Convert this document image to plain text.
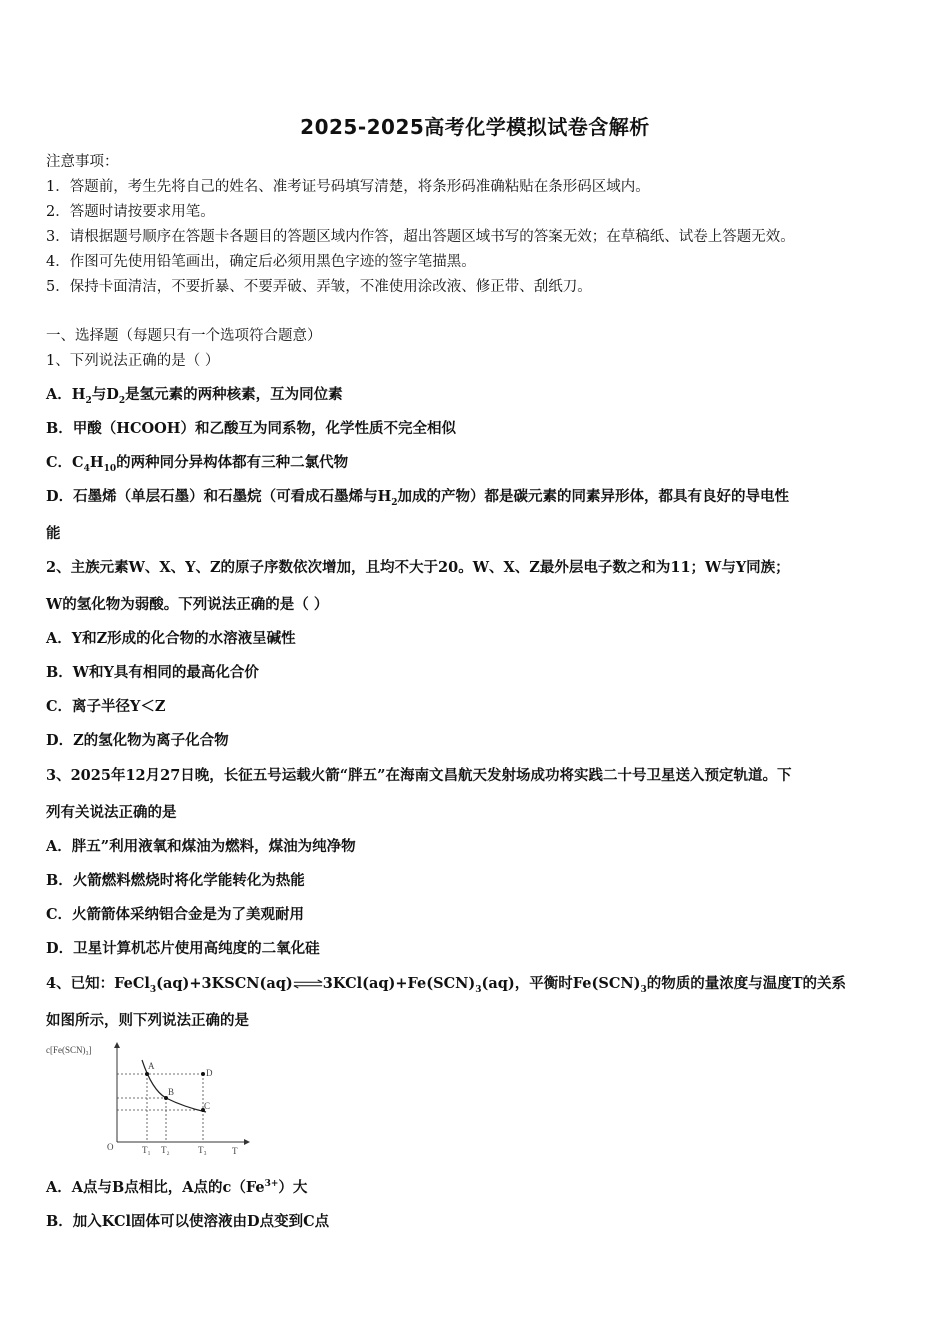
2025-2025高考化学模拟试卷含解析
注意事项：
1．答题前，考生先将自己的姓名、准考证号码填写清楚，将条形码准确粘贴在条形码区域内。
2．答题时请按要求用笔。
3．请根据题号顺序在答题卡各题目的答题区域内作答，超出答题区域书写的答案无效；在草稿纸、试卷上答题无效。
4．作图可先使用铅笔画出，确定后必须用黑色字迹的签字笔描黑。
5．保持卡面清洁，不要折暴、不要弄破、弄皱，不准使用涂改液、修正带、刮纸刀。
一、选择题（每题只有一个选项符合题意）
1、下列说法正确的是（ ）
A．$H_2$与$D_2$是氢元素的两种核素，互为同位素
B．甲酸（HCOOH）和乙酸互为同系物，化学性质不完全相似
C．$C_4H_{10}$的两种同分异构体都有三种二氯代物
D．石墨烯（单层石墨）和石墨烷（可看成石墨烯与$H_2$加成的产物）都是碳元素的同素异形体，都具有良好的导电性
能
2、主族元素W、X、Y、Z的原子序数依次增加，且均不大于20。W、X、Z最外层电子数之和为11；W与Y同族；
W的氢化物为弱酸。下列说法正确的是（ ）
A．Y和Z形成的化合物的水溶液呈碱性
B．W和Y具有相同的最高化合价
C．离子半径Y＜Z
D．Z的氢化物为离子化合物
3、2025年12月27日晚，长征五号运载火箭“胖五”在海南文昌航天发射场成功将实践二十号卫星送入预定轨道。下
列有关说法正确的是
A．胖五”利用液氧和煤油为燃料，煤油为纯净物
B．火箭燃料燃烧时将化学能转化为热能
C．火箭箭体采纳铝合金是为了美观耐用
D．卫星计算机芯片使用高纯度的二氧化硅
4、已知：$FeCl_3(aq)+3KSCN(aq)\rightleftharpoons 3KCl(aq)+Fe(SCN)_3(aq)$，平衡时$Fe(SCN)_3$的物质的量浓度与温度T的关系
如图所示，则下列说法正确的是
c[Fe(SCN)₃]
O	T
T₁ T₂	T₃
A
B
C
D
A．A点与B点相比，A点的$c(Fe^{3+})$大
B．加入KCl固体可以使溶液由D点变到C点
